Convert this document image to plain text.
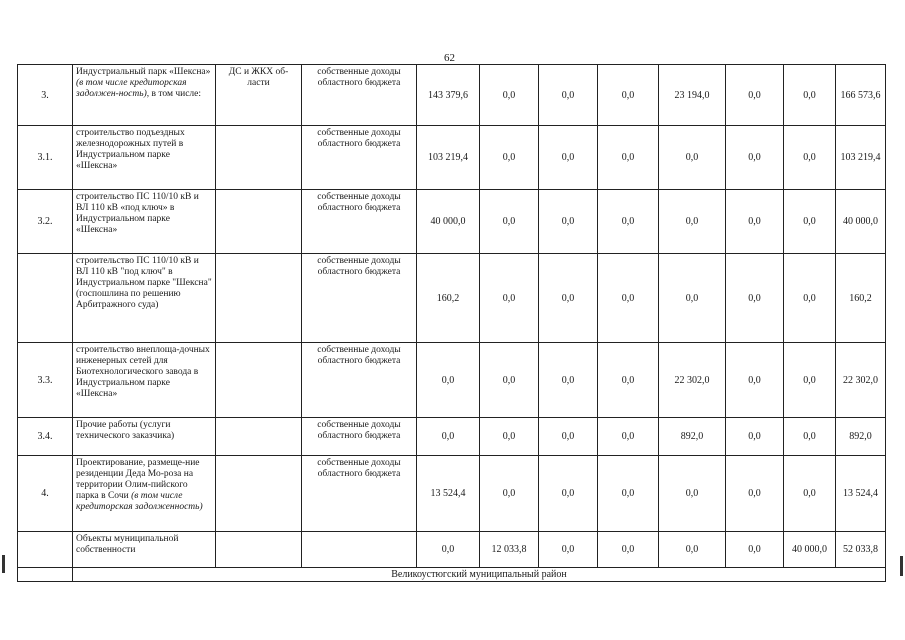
62
3.	Индустриальный парк «Шексна» (в том числе кредиторская задолжен-ность), в том числе:	ДС и ЖКХ об-ласти	собственные доходы областного бюджета	143 379,6	0,0	0,0	0,0	23 194,0	0,0	0,0	166 573,6
3.1.	строительство подъездных железнодорожных путей в Индустриальном парке «Шексна»		собственные доходы областного бюджета	103 219,4	0,0	0,0	0,0	0,0	0,0	0,0	103 219,4
3.2.	строительство ПС 110/10 кВ и ВЛ 110 кВ «под ключ» в Индустриальном парке «Шексна»		собственные доходы областного бюджета	40 000,0	0,0	0,0	0,0	0,0	0,0	0,0	40 000,0
	строительство ПС 110/10 кВ и ВЛ 110 кВ "под ключ" в Индустриальном парке "Шексна" (госпошлина по решению Арбитражного суда)		собственные доходы областного бюджета	160,2	0,0	0,0	0,0	0,0	0,0	0,0	160,2
3.3.	строительство внеплоща-дочных инженерных сетей для Биотехнологического завода в Индустриальном парке «Шексна»		собственные доходы областного бюджета	0,0	0,0	0,0	0,0	22 302,0	0,0	0,0	22 302,0
3.4.	Прочие работы (услуги технического заказчика)		собственные доходы областного бюджета	0,0	0,0	0,0	0,0	892,0	0,0	0,0	892,0
4.	Проектирование, размеще-ние резиденции Деда Мо-роза на территории Олим-пийского парка в Сочи (в том числе кредиторская задолженность)		собственные доходы областного бюджета	13 524,4	0,0	0,0	0,0	0,0	0,0	0,0	13 524,4
	Объекты муниципальной собственности			0,0	12 033,8	0,0	0,0	0,0	0,0	40 000,0	52 033,8
	Великоустюгский муниципальный район										
